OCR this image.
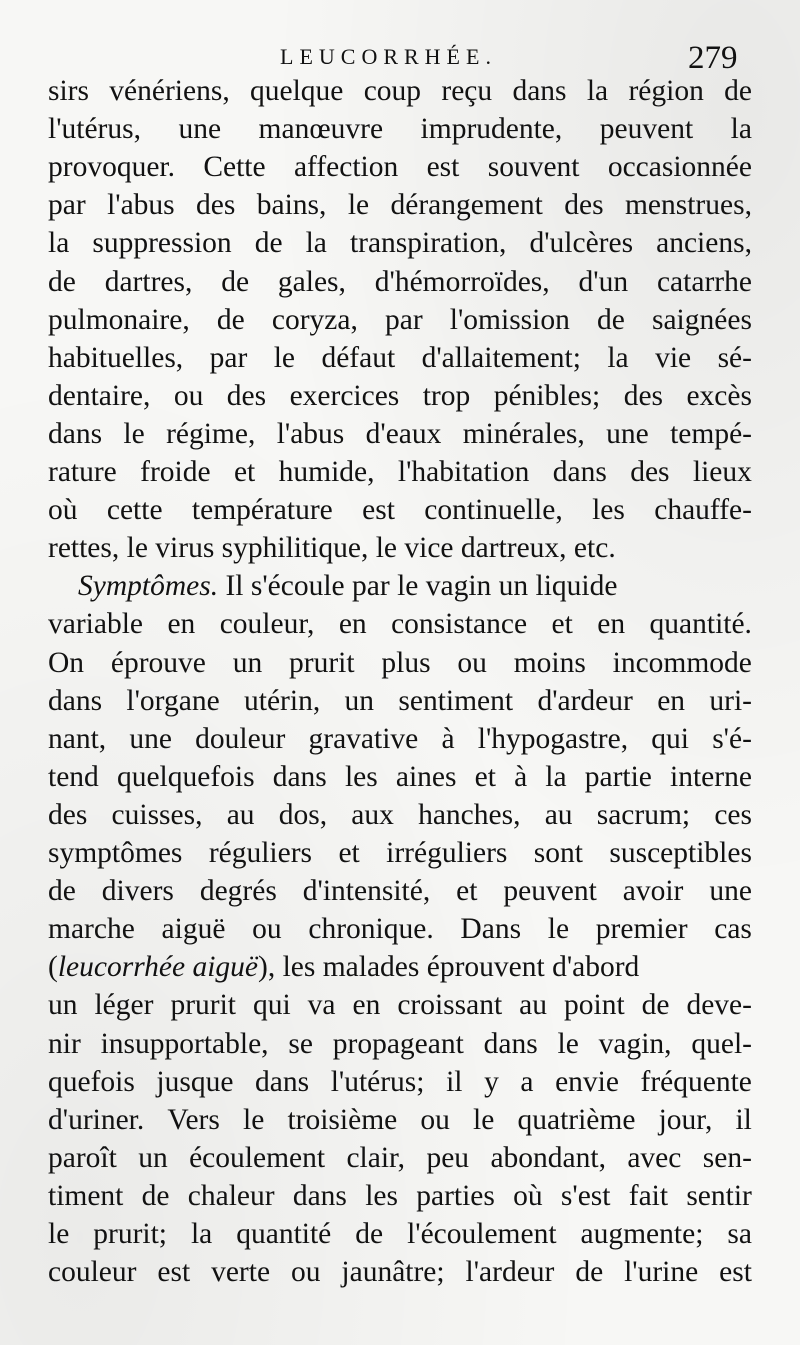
LEUCORRHÉE.	279
Symptômes. Il s'écoule par le vagin un liquide
( leucorrhée aiguë ), les malades éprouvent d'abord
sirs vénériens, quelque coup reçu dans la région de
l'utérus, une manœuvre imprudente, peuvent la
provoquer. Cette affection est souvent occasionnée
par l'abus des bains, le dérangement des menstrues,
la suppression de la transpiration, d'ulcères anciens,
de dartres, de gales, d'hémorroïdes, d'un catarrhe
pulmonaire, de coryza, par l'omission de saignées
habituelles, par le défaut d'allaitement; la vie sé-
dentaire, ou des exercices trop pénibles; des excès
dans le régime, l'abus d'eaux minérales, une tempé-
rature froide et humide, l'habitation dans des lieux
où cette température est continuelle, les chauffe-
rettes, le virus syphilitique, le vice dartreux, etc.
variable en couleur, en consistance et en quantité.
On éprouve un prurit plus ou moins incommode
dans l'organe utérin, un sentiment d'ardeur en uri-
nant, une douleur gravative à l'hypogastre, qui s'é-
tend quelquefois dans les aines et à la partie interne
des cuisses, au dos, aux hanches, au sacrum; ces
symptômes réguliers et irréguliers sont susceptibles
de divers degrés d'intensité, et peuvent avoir une
marche aiguë ou chronique. Dans le premier cas
un léger prurit qui va en croissant au point de deve-
nir insupportable, se propageant dans le vagin, quel-
quefois jusque dans l'utérus; il y a envie fréquente
d'uriner. Vers le troisième ou le quatrième jour, il
paroît un écoulement clair, peu abondant, avec sen-
timent de chaleur dans les parties où s'est fait sentir
le prurit; la quantité de l'écoulement augmente; sa
couleur est verte ou jaunâtre; l'ardeur de l'urine est
